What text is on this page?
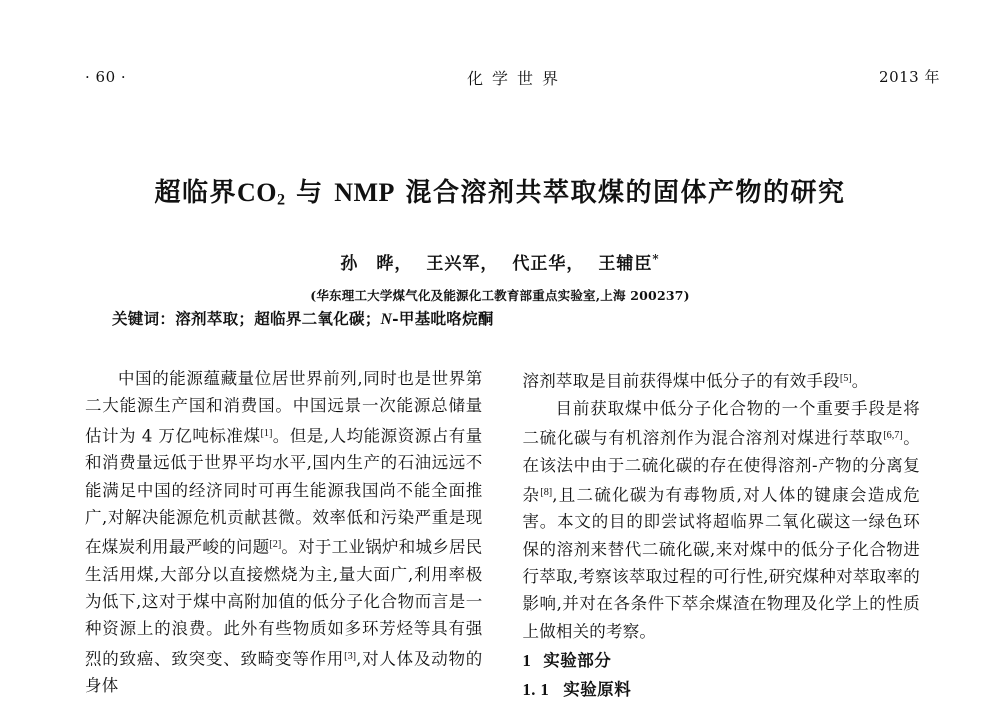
· 60 ·	化学世界	2013 年
超临界$CO_2$ 与 NMP 混合溶剂共萃取煤的固体产物的研究
孙　晔， 王兴军， 代正华， 王辅臣*
(华东理工大学煤气化及能源化工教育部重点实验室,上海 200237)
关键词：溶剂萃取；超临界二氧化碳；N-甲基吡咯烷酮

中国的能源蕴藏量位居世界前列,同时也是世界第二大能源生产国和消费国。中国远景一次能源总储量估计为 4 万亿吨标准煤[1]。但是,人均能源资源占有量和消费量远低于世界平均水平,国内生产的石油远远不能满足中国的经济同时可再生能源我国尚不能全面推广,对解决能源危机贡献甚微。效率低和污染严重是现在煤炭利用最严峻的问题[2]。对于工业锅炉和城乡居民生活用煤,大部分以直接燃烧为主,量大面广,利用率极为低下,这对于煤中高附加值的低分子化合物而言是一种资源上的浪费。此外有些物质如多环芳烃等具有强烈的致癌、致突变、致畸变等作用[3],对人体及动物的身体

溶剂萃取是目前获得煤中低分子的有效手段[5]。

目前获取煤中低分子化合物的一个重要手段是将二硫化碳与有机溶剂作为混合溶剂对煤进行萃取[6,7]。在该法中由于二硫化碳的存在使得溶剂-产物的分离复杂[8],且二硫化碳为有毒物质,对人体的键康会造成危害。本文的目的即尝试将超临界二氧化碳这一绿色环保的溶剂来替代二硫化碳,来对煤中的低分子化合物进行萃取,考察该萃取过程的可行性,研究煤种对萃取率的影响,并对在各条件下萃余煤渣在物理及化学上的性质上做相关的考察。

1 实验部分
1. 1 实验原料
